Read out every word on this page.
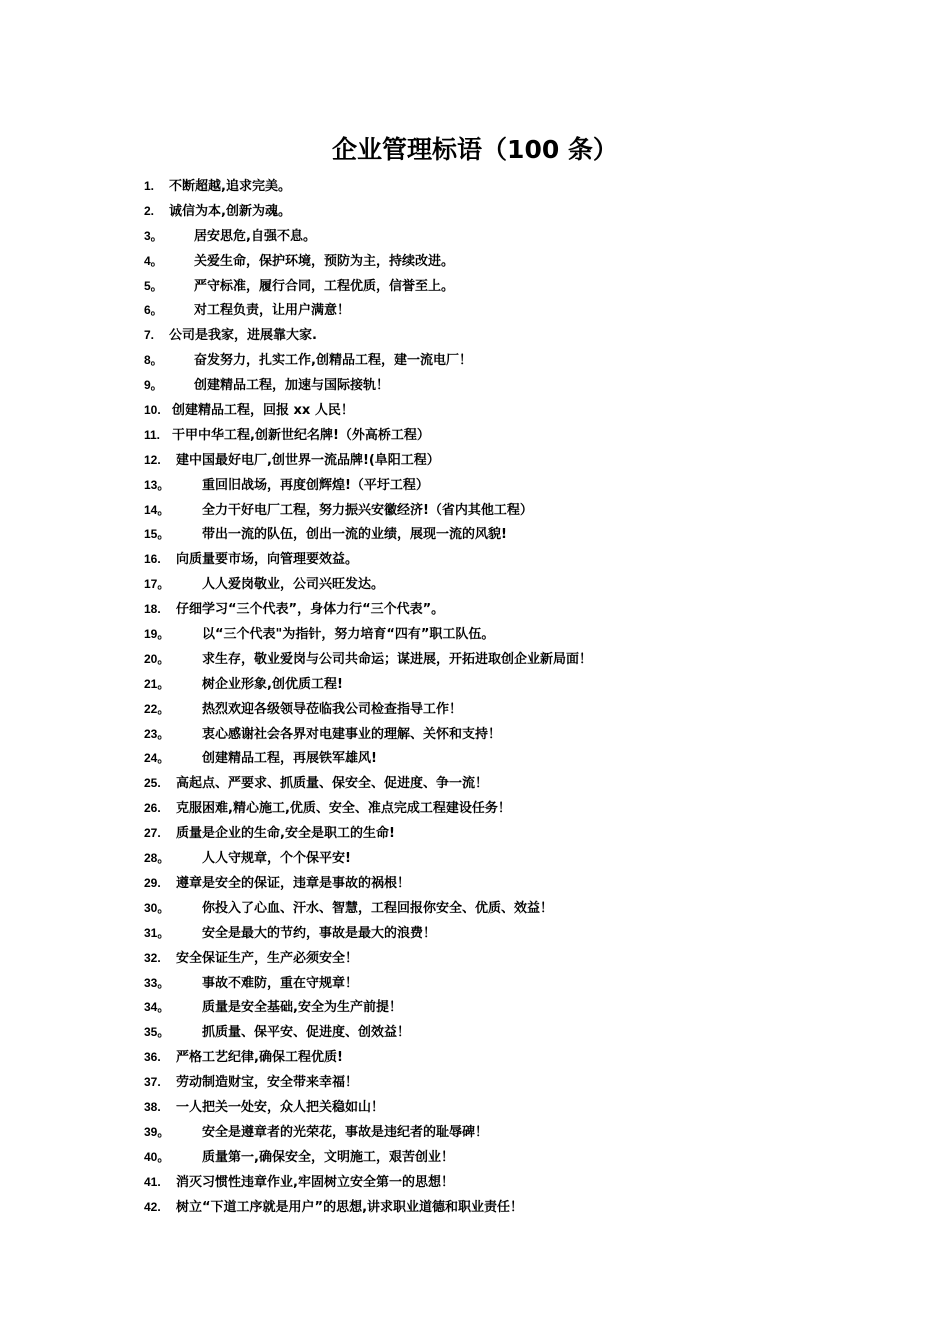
企业管理标语（100 条）
1. 不断超越,追求完美。
2. 诚信为本,创新为魂。
3。 居安思危,自强不息。
4。 关爱生命，保护环境，预防为主，持续改进。
5。 严守标准，履行合同，工程优质，信誉至上。
6。 对工程负责，让用户满意！
7. 公司是我家，进展靠大家.
8。 奋发努力，扎实工作,创精品工程，建一流电厂！
9。 创建精品工程，加速与国际接轨！
10. 创建精品工程，回报 xx 人民！
11. 干甲中华工程,创新世纪名牌!（外高桥工程）
12. 建中国最好电厂,创世界一流品牌!(阜阳工程）
13。	重回旧战场，再度创辉煌!（平圩工程）
14。	全力干好电厂工程，努力振兴安徽经济!（省内其他工程）
15。	带出一流的队伍，创出一流的业绩，展现一流的风貌!
16. 向质量要市场，向管理要效益。
17。	人人爱岗敬业，公司兴旺发达。
18. 仔细学习“三个代表”，身体力行“三个代表”。
19。	以“三个代表"为指针，努力培育“四有”职工队伍。
20。	求生存，敬业爱岗与公司共命运；谋进展，开拓进取创企业新局面！
21。	树企业形象,创优质工程!
22。	热烈欢迎各级领导莅临我公司检查指导工作！
23。	衷心感谢社会各界对电建事业的理解、关怀和支持！
24。	创建精品工程，再展铁军雄风!
25. 高起点、严要求、抓质量、保安全、促进度、争一流！
26. 克服困难,精心施工,优质、安全、准点完成工程建设任务！
27. 质量是企业的生命,安全是职工的生命!
28。	人人守规章，个个保平安!
29. 遵章是安全的保证，违章是事故的祸根！
30。	你投入了心血、汗水、智慧，工程回报你安全、优质、效益！
31。	安全是最大的节约，事故是最大的浪费！
32. 安全保证生产，生产必须安全！
33。	事故不难防，重在守规章！
34。	质量是安全基础,安全为生产前提！
35。	抓质量、保平安、促进度、创效益！
36. 严格工艺纪律,确保工程优质!
37. 劳动制造财宝，安全带来幸福！
38. 一人把关一处安，众人把关稳如山！
39。	安全是遵章者的光荣花，事故是违纪者的耻辱碑！
40。	质量第一,确保安全，文明施工，艰苦创业！
41. 消灭习惯性违章作业,牢固树立安全第一的思想！
42. 树立“下道工序就是用户”的思想,讲求职业道德和职业责任！
